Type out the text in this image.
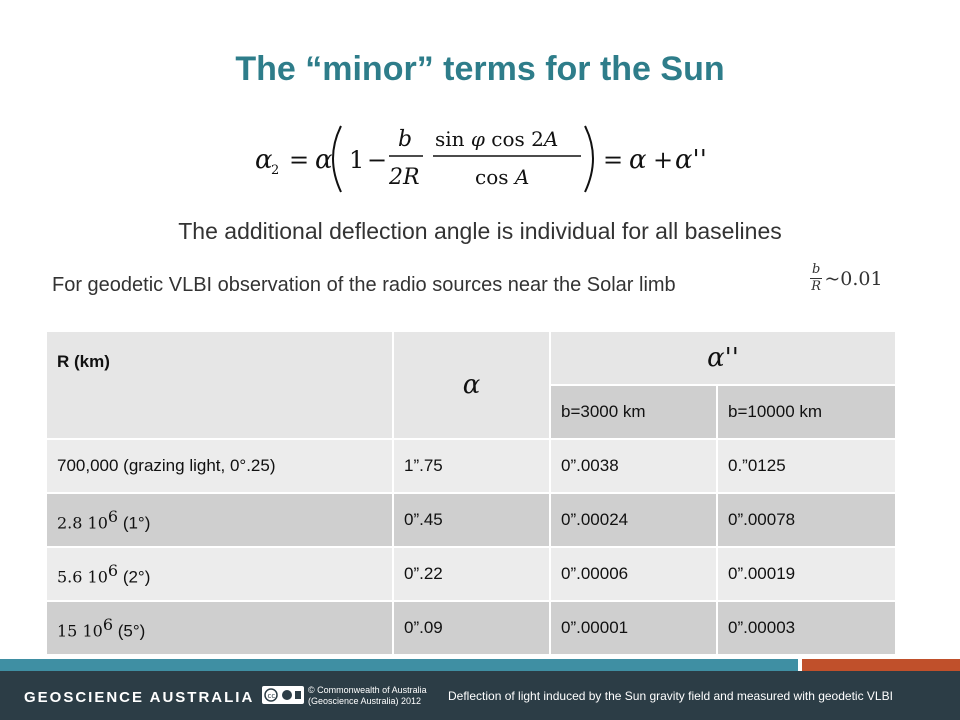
The “minor” terms for the Sun
α
2 = α 1 −
b
2R
sin φ cos 2A
cos A
= α + α''
The additional deflection angle is individual for all baselines
For geodetic VLBI observation of the radio sources near the Solar limb	$\frac{b}{R}$ ~0.01
R (km)	α	α''	
		b=3000 km	b=10000 km
700,000 (grazing light, 0°.25)	1”.75	0”.0038	0.”0125
2.8 $10^6$ (1°)	0”.45	0”.00024	0”.00078
5.6 $10^6$ (2°)	0”.22	0”.00006	0”.00019
15 $10^6$ (5°)	0”.09	0”.00001	0”.00003
GEOSCIENCE AUSTRALIA cc
© Commonwealth of Australia
(Geoscience Australia) 2012	Deflection of light induced by the Sun gravity field and measured with geodetic VLBI
